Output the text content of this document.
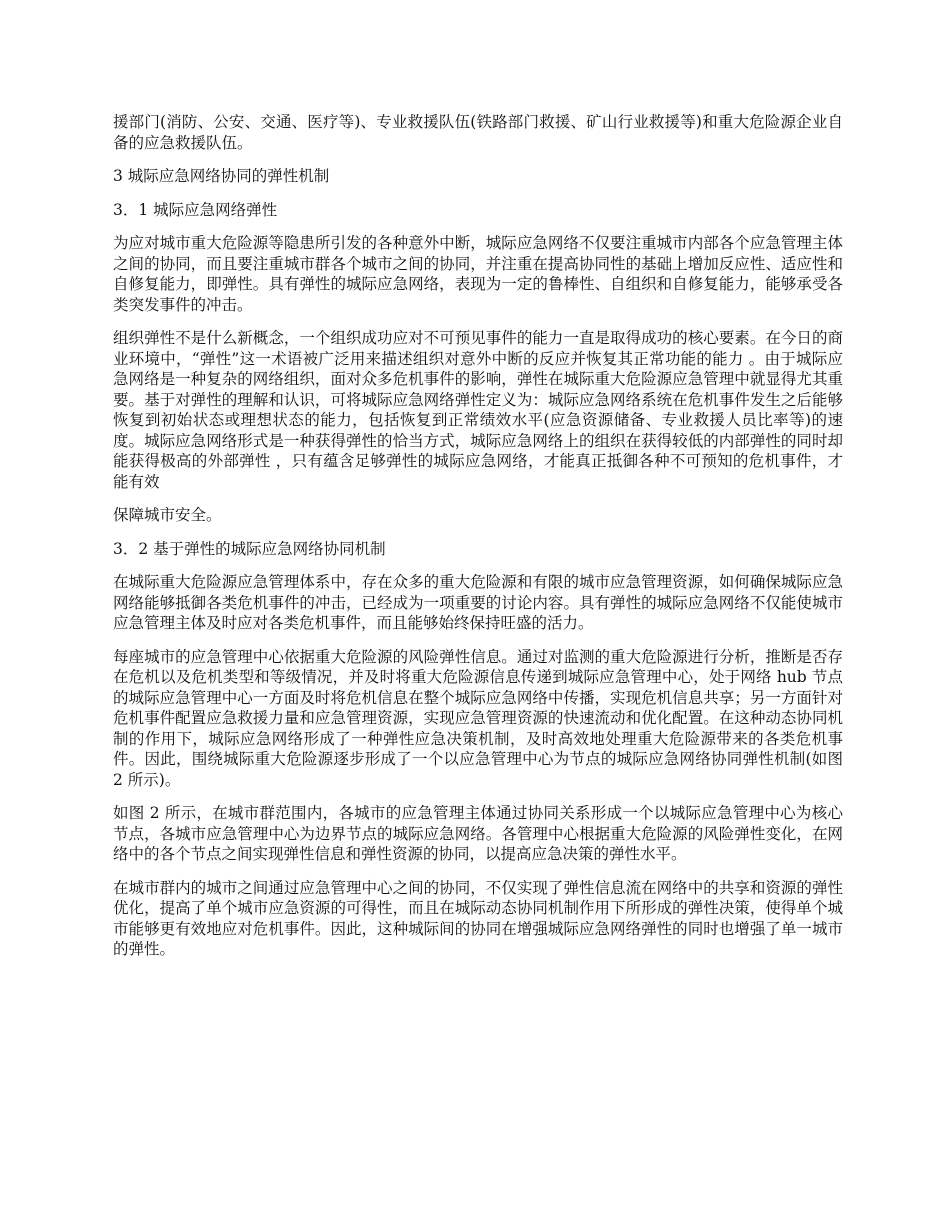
援部门(消防、公安、交通、医疗等)、专业救援队伍(铁路部门救援、矿山行业救援等)和重大危险源企业自备的应急救援队伍。

3 城际应急网络协同的弹性机制

3．1 城际应急网络弹性

为应对城市重大危险源等隐患所引发的各种意外中断，城际应急网络不仅要注重城市内部各个应急管理主体之间的协同，而且要注重城市群各个城市之间的协同，并注重在提高协同性的基础上增加反应性、适应性和自修复能力，即弹性。具有弹性的城际应急网络，表现为一定的鲁棒性、自组织和自修复能力，能够承受各类突发事件的冲击。

组织弹性不是什么新概念，一个组织成功应对不可预见事件的能力一直是取得成功的核心要素。在今日的商业环境中，“弹性”这一术语被广泛用来描述组织对意外中断的反应并恢复其正常功能的能力 。由于城际应急网络是一种复杂的网络组织，面对众多危机事件的影响，弹性在城际重大危险源应急管理中就显得尤其重要。基于对弹性的理解和认识，可将城际应急网络弹性定义为：城际应急网络系统在危机事件发生之后能够恢复到初始状态或理想状态的能力，包括恢复到正常绩效水平(应急资源储备、专业救援人员比率等)的速度。城际应急网络形式是一种获得弹性的恰当方式，城际应急网络上的组织在获得较低的内部弹性的同时却能获得极高的外部弹性 ，只有蕴含足够弹性的城际应急网络，才能真正抵御各种不可预知的危机事件，才能有效

保障城市安全。

3．2 基于弹性的城际应急网络协同机制

在城际重大危险源应急管理体系中，存在众多的重大危险源和有限的城市应急管理资源，如何确保城际应急网络能够抵御各类危机事件的冲击，已经成为一项重要的讨论内容。具有弹性的城际应急网络不仅能使城市应急管理主体及时应对各类危机事件，而且能够始终保持旺盛的活力。

每座城市的应急管理中心依据重大危险源的风险弹性信息。通过对监测的重大危险源进行分析，推断是否存在危机以及危机类型和等级情况，并及时将重大危险源信息传递到城际应急管理中心，处于网络 hub 节点的城际应急管理中心一方面及时将危机信息在整个城际应急网络中传播，实现危机信息共享；另一方面针对危机事件配置应急救援力量和应急管理资源，实现应急管理资源的快速流动和优化配置。在这种动态协同机制的作用下，城际应急网络形成了一种弹性应急决策机制，及时高效地处理重大危险源带来的各类危机事件。因此，围绕城际重大危险源逐步形成了一个以应急管理中心为节点的城际应急网络协同弹性机制(如图 2 所示)。

如图 2 所示，在城市群范围内，各城市的应急管理主体通过协同关系形成一个以城际应急管理中心为核心节点，各城市应急管理中心为边界节点的城际应急网络。各管理中心根据重大危险源的风险弹性变化，在网络中的各个节点之间实现弹性信息和弹性资源的协同，以提高应急决策的弹性水平。

在城市群内的城市之间通过应急管理中心之间的协同，不仅实现了弹性信息流在网络中的共享和资源的弹性优化，提高了单个城市应急资源的可得性，而且在城际动态协同机制作用下所形成的弹性决策，使得单个城市能够更有效地应对危机事件。因此，这种城际间的协同在增强城际应急网络弹性的同时也增强了单一城市的弹性。
